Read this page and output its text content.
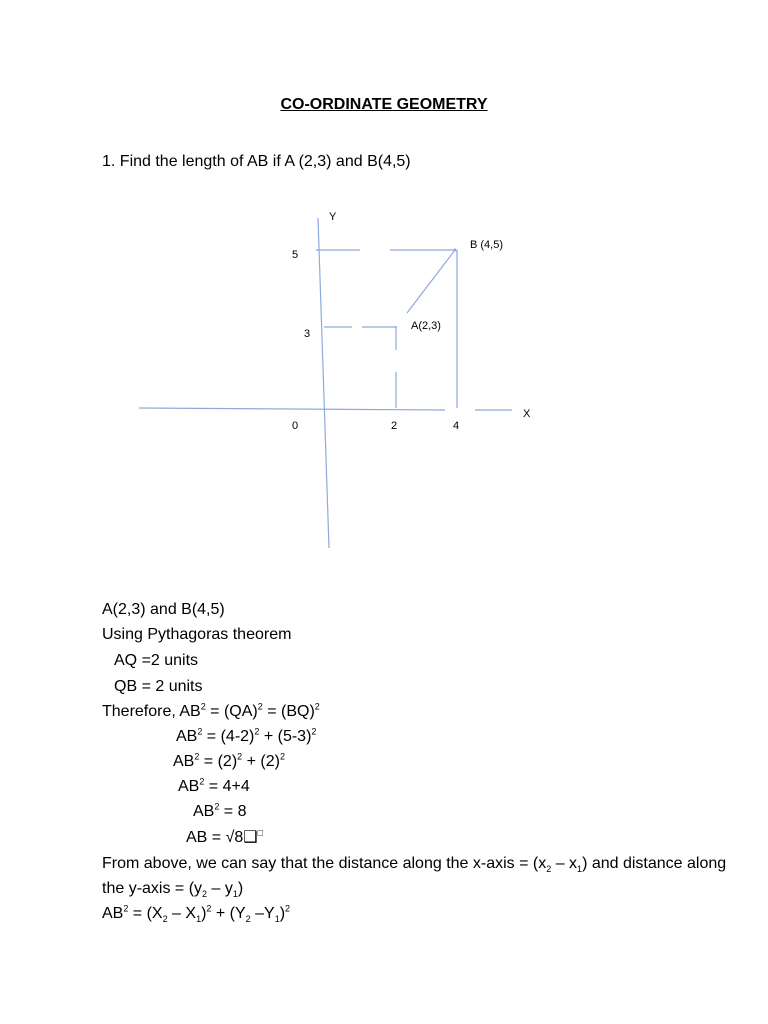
CO-ORDINATE GEOMETRY
1. Find the length of AB if A (2,3) and B(4,5)
Y
X
0	2	4
3
5
A(2,3)
B (4,5)
A(2,3) and B(4,5)
Using Pythagoras theorem
AQ =2 units
QB = 2 units
Therefore, $AB^2 = (QA)^2 = (BQ)^2$
$AB^2 = (4-2)^2 + (5-3)^2$
$AB^2 = (2)^2 + (2)^2$
$AB^2 = 4+4$
$AB^2 = 8$
AB = √8❑□
From above, we can say that the distance along the x-axis = $(x_2 - x_1)$ and distance along
the y-axis = $(y_2 - y_1)$
$AB^2 = (X_2 - X_1)^2 + (Y_2$ $-Y_1)^2$
